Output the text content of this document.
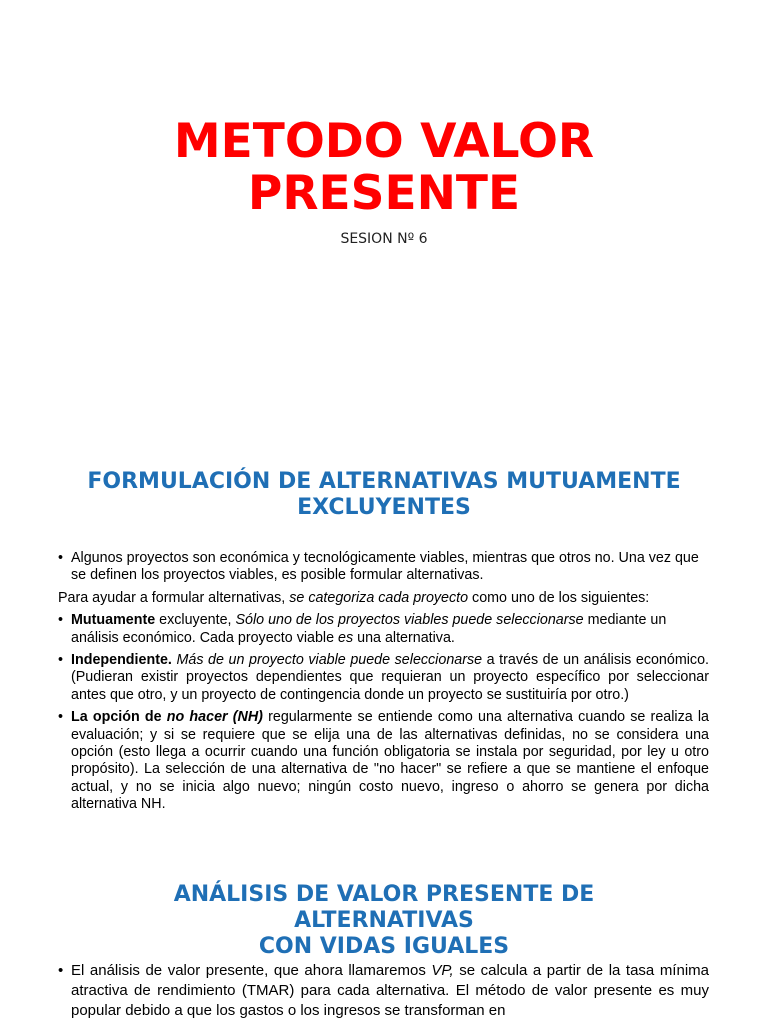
METODO VALOR
PRESENTE
SESION Nº 6
FORMULACIÓN DE ALTERNATIVAS MUTUAMENTE
EXCLUYENTES
• Algunos proyectos son económica y tecnológicamente viables, mientras que otros no. Una vez que se definen los proyectos viables, es posible formular alternativas.
Para ayudar a formular alternativas, se categoriza cada proyecto como uno de los siguientes:
• Mutuamente excluyente, Sólo uno de los proyectos viables puede seleccionarse mediante un análisis económico. Cada proyecto viable es una alternativa.
• Independiente. Más de un proyecto viable puede seleccionarse a través de un análisis económico. (Pudieran existir proyectos dependientes que requieran un proyecto específico por seleccionar antes que otro, y un proyecto de contingencia donde un proyecto se sustituiría por otro.)
• La opción de no hacer (NH) regularmente se entiende como una alternativa cuando se realiza la evaluación; y si se requiere que se elija una de las alternativas definidas, no se considera una opción (esto llega a ocurrir cuando una función obligatoria se instala por seguridad, por ley u otro propósito). La selección de una alternativa de "no hacer" se refiere a que se mantiene el enfoque actual, y no se inicia algo nuevo; ningún costo nuevo, ingreso o ahorro se genera por dicha alternativa NH.
ANÁLISIS DE VALOR PRESENTE DE
ALTERNATIVAS
CON VIDAS IGUALES
• El análisis de valor presente, que ahora llamaremos VP, se calcula a partir de la tasa mínima atractiva de rendimiento (TMAR) para cada alternativa. El método de valor presente es muy popular debido a que los gastos o los ingresos se transforman en
